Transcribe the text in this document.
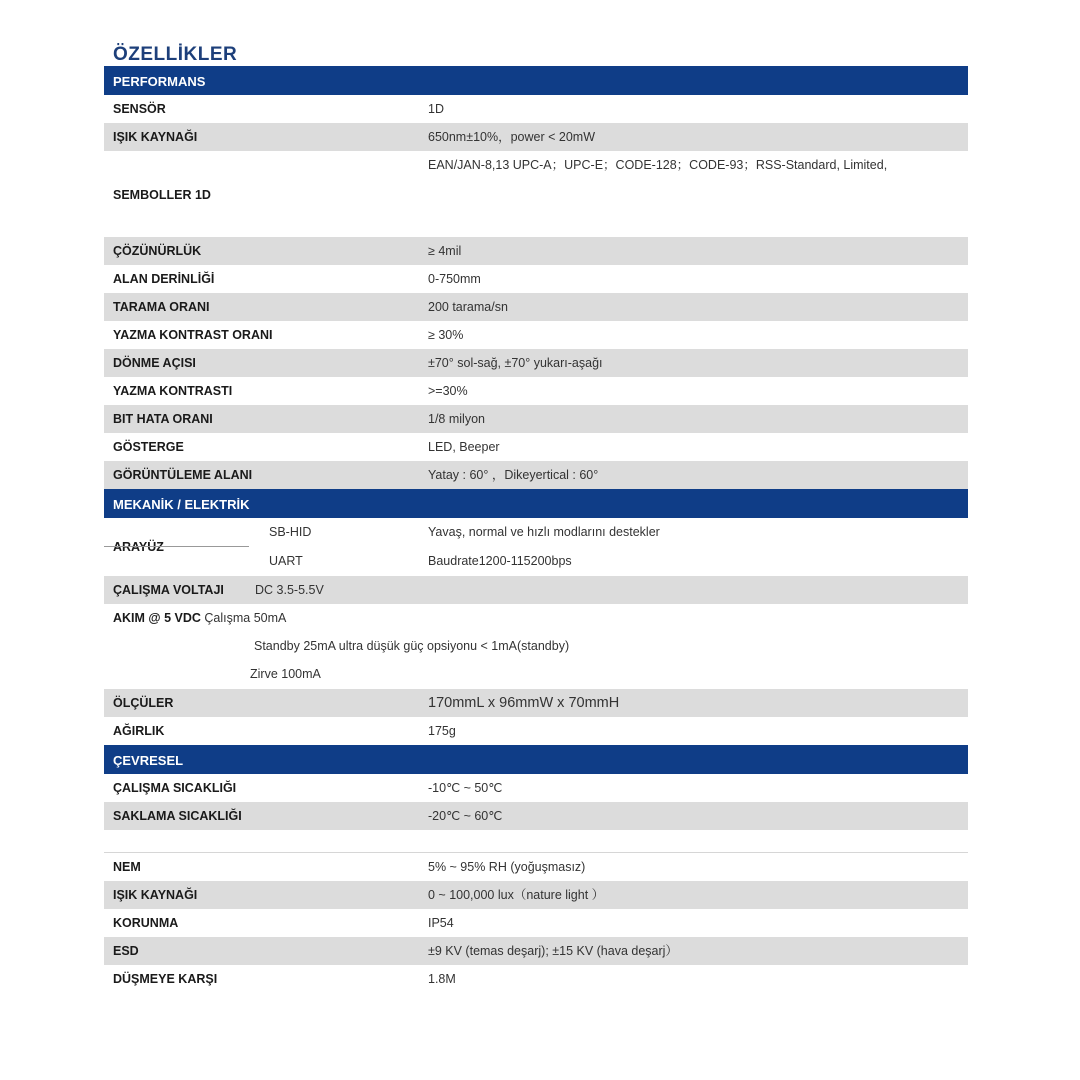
ÖZELLİKLER
PERFORMANS
SENSÖR	1D
IŞIK KAYNAĞI	650nm±10%，power < 20mW
SEMBOLLER 1D
EAN/JAN-8,13 UPC-A；UPC-E；CODE-128；CODE-93；RSS-Standard, Limited,
ÇÖZÜNÜRLÜK	≥ 4mil
ALAN DERİNLİĞİ	0-750mm
TARAMA ORANI	200 tarama/sn
YAZMA KONTRAST ORANI	≥ 30%
DÖNME AÇISI	±70° sol-sağ, ±70° yukarı-aşağı
YAZMA KONTRASTI	>=30%
BIT HATA ORANI	1/8 milyon
GÖSTERGE	LED, Beeper
GÖRÜNTÜLEME ALANI	Yatay : 60° ，Dikeyertical : 60°
MEKANİK / ELEKTRİK
ARAYÜZ
SB-HID	Yavaş, normal ve hızlı modlarını destekler
UART	Baudrate1200-115200bps
ÇALIŞMA VOLTAJI DC 3.5-5.5V
AKIM @ 5 VDC Çalışma 50mA
Standby 25mA ultra düşük güç opsiyonu < 1mA(standby)
Zirve 100mA
ÖLÇÜLER	170mmL x 96mmW x 70mmH
AĞIRLIK	175g
ÇEVRESEL
ÇALIŞMA SICAKLIĞI	-10℃ ~ 50℃
SAKLAMA SICAKLIĞI	-20℃ ~ 60℃
NEM	5% ~ 95% RH (yoğuşmasız)
IŞIK KAYNAĞI	0 ~ 100,000 lux（nature light ）
KORUNMA	IP54
ESD	±9 KV (temas deşarj); ±15 KV (hava deşarj）
DÜŞMEYE KARŞI	1.8M
